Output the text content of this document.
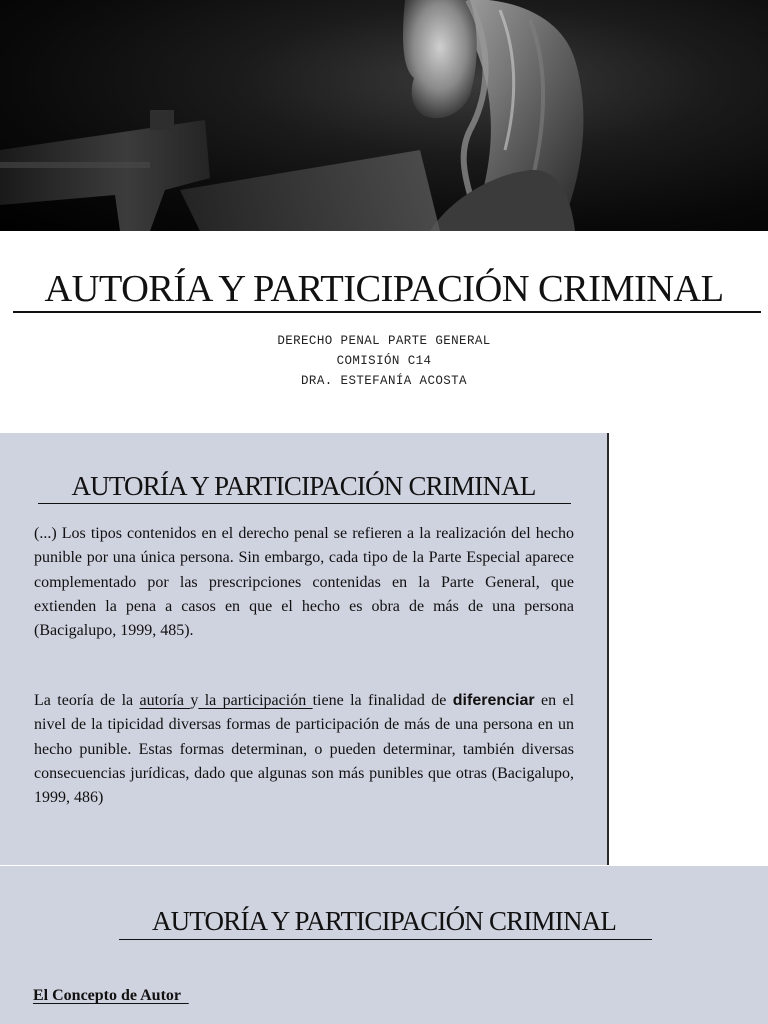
AUTORÍA Y PARTICIPACIÓN CRIMINAL
DERECHO PENAL PARTE GENERAL
COMISIÓN C14
DRA. ESTEFANÍA ACOSTA
AUTORÍA Y PARTICIPACIÓN CRIMINAL

(...) Los tipos contenidos en el derecho penal se refieren a la realización del hecho punible por una única persona. Sin embargo, cada tipo de la Parte Especial aparece complementado por las prescripciones contenidas en la Parte General, que extienden la pena a casos en que el hecho es obra de más de una persona (Bacigalupo, 1999, 485).

La teoría de la autoría y la participación tiene la finalidad de diferenciar en el nivel de la tipicidad diversas formas de participación de más de una persona en un hecho punible. Estas formas determinan, o pueden determinar, también diversas consecuencias jurídicas, dado que algunas son más punibles que otras (Bacigalupo, 1999, 486)

AUTORÍA Y PARTICIPACIÓN CRIMINAL
El Concepto de Autor
